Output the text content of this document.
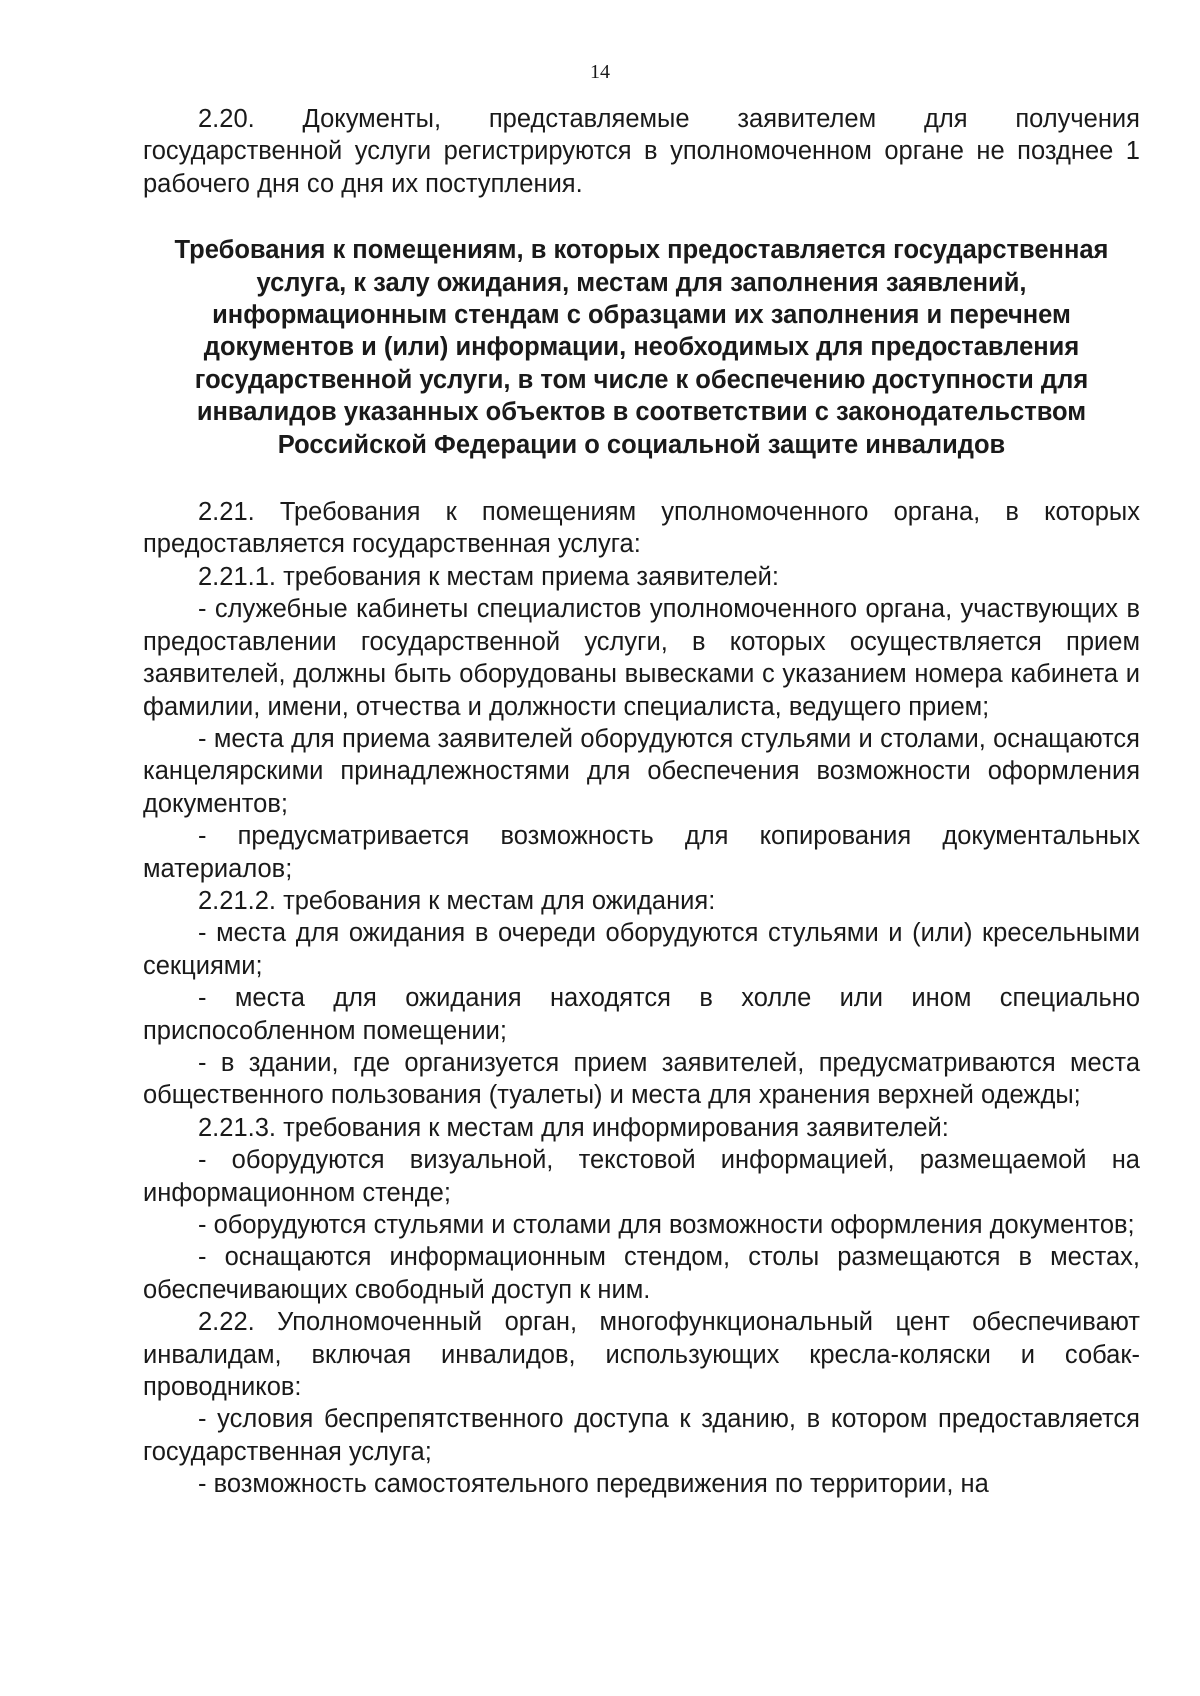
14

2.20. Документы, представляемые заявителем для получения государственной услуги регистрируются в уполномоченном органе не позднее 1 рабочего дня со дня их поступления.

Требования к помещениям, в которых предоставляется государственная услуга, к залу ожидания, местам для заполнения заявлений, информационным стендам с образцами их заполнения и перечнем документов и (или) информации, необходимых для предоставления государственной услуги, в том числе к обеспечению доступности для инвалидов указанных объектов в соответствии с законодательством Российской Федерации о социальной защите инвалидов

2.21. Требования к помещениям уполномоченного органа, в которых предоставляется государственная услуга:

2.21.1. требования к местам приема заявителей:

- служебные кабинеты специалистов уполномоченного органа, участвующих в предоставлении государственной услуги, в которых осуществляется прием заявителей, должны быть оборудованы вывесками с указанием номера кабинета и фамилии, имени, отчества и должности специалиста, ведущего прием;

- места для приема заявителей оборудуются стульями и столами, оснащаются канцелярскими принадлежностями для обеспечения возможности оформления документов;

- предусматривается возможность для копирования документальных материалов;

2.21.2. требования к местам для ожидания:

- места для ожидания в очереди оборудуются стульями и (или) кресельными секциями;

- места для ожидания находятся в холле или ином специально приспособленном помещении;

- в здании, где организуется прием заявителей, предусматриваются места общественного пользования (туалеты) и места для хранения верхней одежды;

2.21.3. требования к местам для информирования заявителей:

- оборудуются визуальной, текстовой информацией, размещаемой на информационном стенде;

- оборудуются стульями и столами для возможности оформления документов;

- оснащаются информационным стендом, столы размещаются в местах, обеспечивающих свободный доступ к ним.

2.22. Уполномоченный орган, многофункциональный цент обеспечивают инвалидам, включая инвалидов, использующих кресла-коляски и собак-проводников:

- условия беспрепятственного доступа к зданию, в котором предоставляется государственная услуга;

- возможность самостоятельного передвижения по территории, на
